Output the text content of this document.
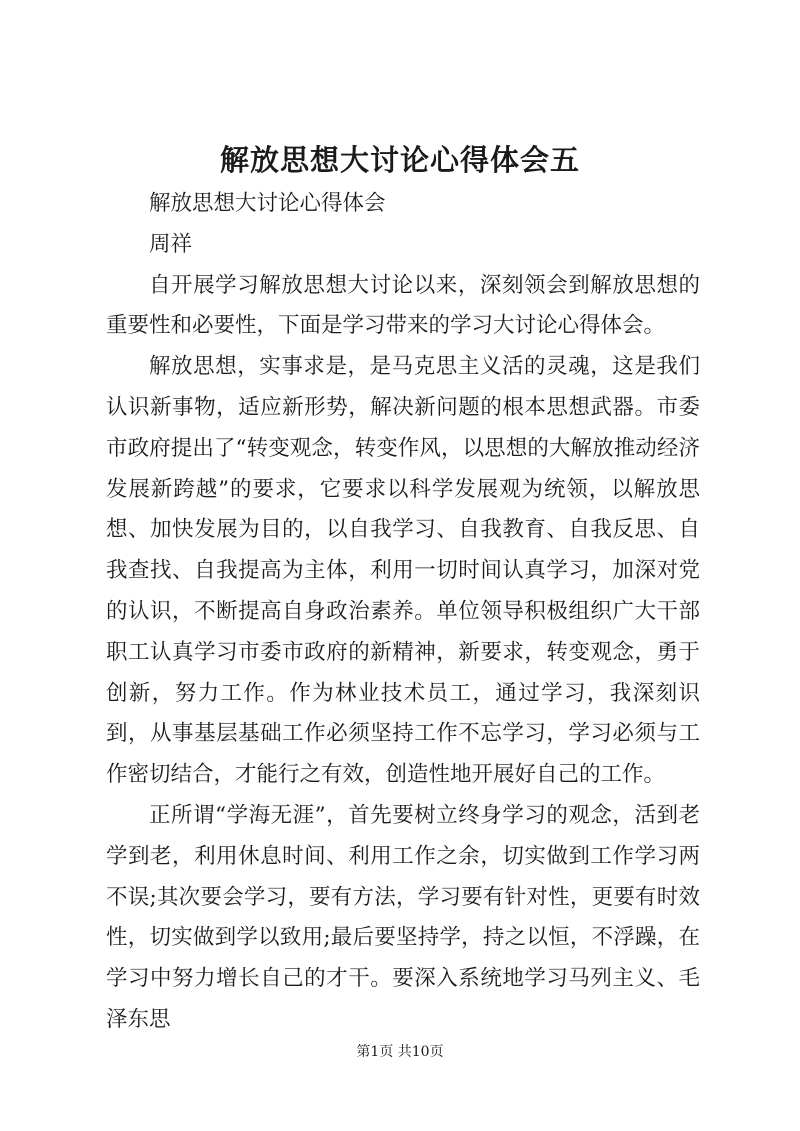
解放思想大讨论心得体会五

解放思想大讨论心得体会

周祥

自开展学习解放思想大讨论以来，深刻领会到解放思想的重要性和必要性，下面是学习带来的学习大讨论心得体会。

解放思想，实事求是，是马克思主义活的灵魂，这是我们认识新事物，适应新形势，解决新问题的根本思想武器。市委市政府提出了“转变观念，转变作风，以思想的大解放推动经济发展新跨越”的要求，它要求以科学发展观为统领，以解放思想、加快发展为目的，以自我学习、自我教育、自我反思、自我查找、自我提高为主体，利用一切时间认真学习，加深对党的认识，不断提高自身政治素养。单位领导积极组织广大干部职工认真学习市委市政府的新精神，新要求，转变观念，勇于创新，努力工作。作为林业技术员工，通过学习，我深刻识到，从事基层基础工作必须坚持工作不忘学习，学习必须与工作密切结合，才能行之有效，创造性地开展好自己的工作。

正所谓“学海无涯”，首先要树立终身学习的观念，活到老学到老，利用休息时间、利用工作之余，切实做到工作学习两不误;其次要会学习，要有方法，学习要有针对性，更要有时效性，切实做到学以致用;最后要坚持学，持之以恒，不浮躁，在学习中努力增长自己的才干。要深入系统地学习马列主义、毛泽东思

第1页 共10页
